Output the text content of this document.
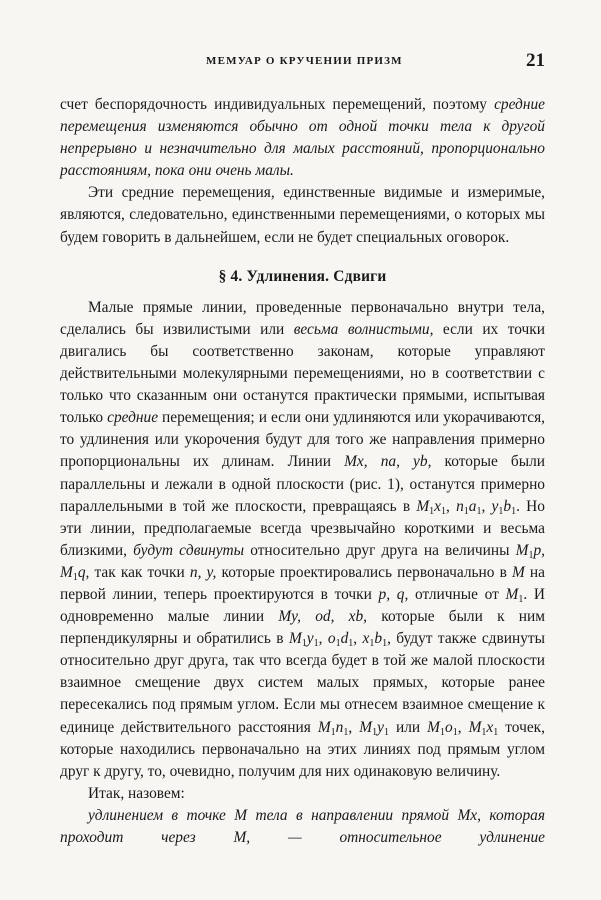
МЕМУАР О КРУЧЕНИИ ПРИЗМ	21

счет беспорядочность индивидуальных перемещений, поэтому средние перемещения изменяются обычно от одной точки тела к другой непрерывно и незначительно для малых расстояний, пропорционально расстояниям, пока они очень малы.

Эти средние перемещения, единственные видимые и измеримые, являются, следовательно, единственными перемещениями, о которых мы будем говорить в дальнейшем, если не будет специальных оговорок.

§ 4. Удлинения. Сдвиги

Малые прямые линии, проведенные первоначально внутри тела, сделались бы извилистыми или весьма волнистыми, если их точки двигались бы соответственно законам, которые управляют действительными молекулярными перемещениями, но в соответствии с только что сказанным они останутся практически прямыми, испытывая только средние перемещения; и если они удлиняются или укорачиваются, то удлинения или укорочения будут для того же направления примерно пропорциональны их длинам. Линии Mx, na, yb, которые были параллельны и лежали в одной плоскости (рис. 1), останутся примерно параллельными в той же плоскости, превращаясь в $M_1x_1$, $n_1a_1$, $y_1b_1$. Но эти линии, предполагаемые всегда чрезвычайно короткими и весьма близкими, будут сдвинуты относительно друг друга на величины $M_1p$, $M_1q$, так как точки n, y, которые проектировались первоначально в M на первой линии, теперь проектируются в точки p, q, отличные от $M_1$. И одновременно малые линии My, od, xb, которые были к ним перпендикулярны и обратились в $M_1y_1$, $o_1d_1$, $x_1b_1$, будут также сдвинуты относительно друг друга, так что всегда будет в той же малой плоскости взаимное смещение двух систем малых прямых, которые ранее пересекались под прямым углом. Если мы отнесем взаимное смещение к единице действительного расстояния $M_1n_1$, $M_1y_1$ или $M_1o_1$, $M_1x_1$ точек, которые находились первоначально на этих линиях под прямым углом друг к другу, то, очевидно, получим для них одинаковую величину.

Итак, назовем:

удлинением в точке М тела в направлении прямой Mx, которая проходит через М, — относительное удлинение
